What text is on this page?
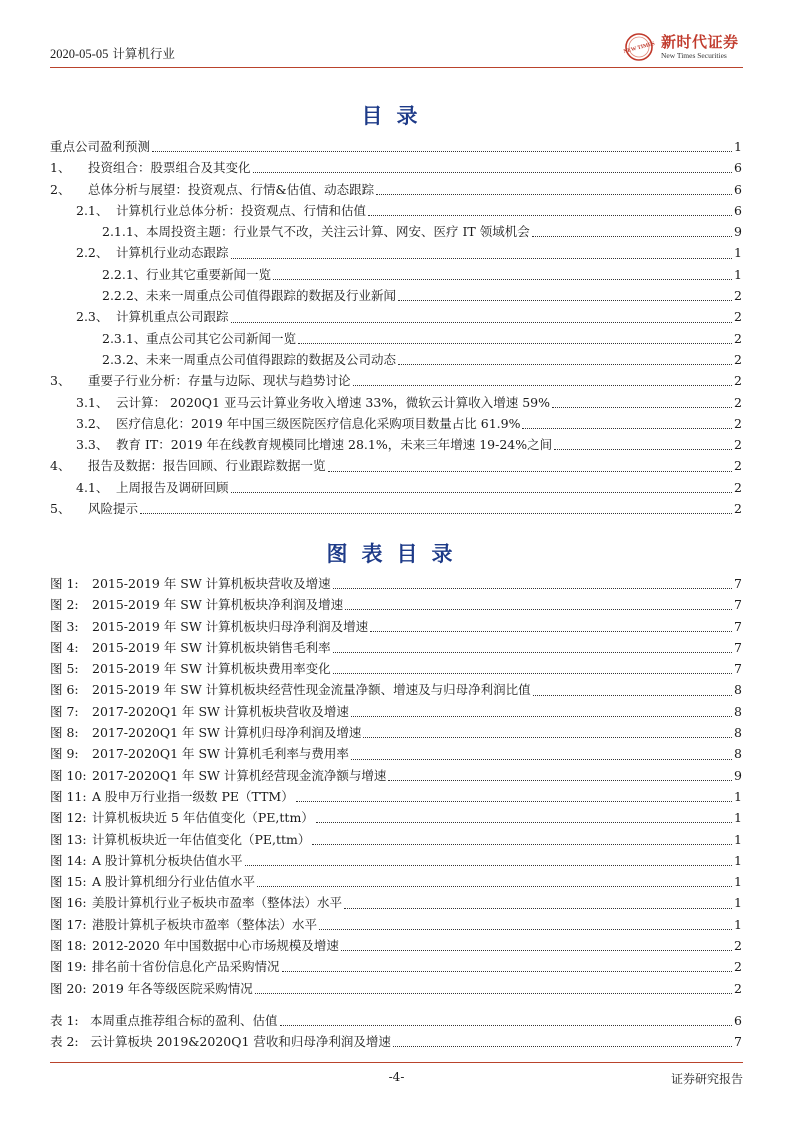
2020-05-05 计算机行业	NEW TIMES 新时代证券
New Times Securities
目录
重点公司盈利预测	1
1、	投资组合：股票组合及其变化	6
2、	总体分析与展望：投资观点、行情&估值、动态跟踪	6
2.1、 计算机行业总体分析：投资观点、行情和估值	6
2.1.1、 本周投资主题：行业景气不改，关注云计算、网安、医疗 IT 领域机会	9
2.2、 计算机行业动态跟踪	1
2.2.1、 行业其它重要新闻一览	1
2.2.2、 未来一周重点公司值得跟踪的数据及行业新闻	2
2.3、 计算机重点公司跟踪	2
2.3.1、 重点公司其它公司新闻一览	2
2.3.2、 未来一周重点公司值得跟踪的数据及公司动态	2
3、	重要子行业分析：存量与边际、现状与趋势讨论	2
3.1、 云计算： 2020Q1 亚马云计算业务收入增速 33%，微软云计算收入增速 59%	2
3.2、 医疗信息化：2019 年中国三级医院医疗信息化采购项目数量占比 61.9%	2
3.3、 教育 IT：2019 年在线教育规模同比增速 28.1%，未来三年增速 19-24%之间	2
4、	报告及数据：报告回顾、行业跟踪数据一览	2
4.1、 上周报告及调研回顾	2
5、	风险提示	2
图表目录
图 1:	2015-2019 年 SW 计算机板块营收及增速	7
图 2:	2015-2019 年 SW 计算机板块净利润及增速	7
图 3:	2015-2019 年 SW 计算机板块归母净利润及增速	7
图 4:	2015-2019 年 SW 计算机板块销售毛利率	7
图 5:	2015-2019 年 SW 计算机板块费用率变化	7
图 6:	2015-2019 年 SW 计算机板块经营性现金流量净额、增速及与归母净利润比值	8
图 7:	2017-2020Q1 年 SW 计算机板块营收及增速	8
图 8:	2017-2020Q1 年 SW 计算机归母净利润及增速	8
图 9:	2017-2020Q1 年 SW 计算机毛利率与费用率	8
图 10: 2017-2020Q1 年 SW 计算机经营现金流净额与增速	9
图 11: A 股申万行业指一级数 PE（TTM）	1
图 12: 计算机板块近 5 年估值变化（PE,ttm）	1
图 13: 计算机板块近一年估值变化（PE,ttm）	1
图 14: A 股计算机分板块估值水平	1
图 15: A 股计算机细分行业估值水平	1
图 16: 美股计算机行业子板块市盈率（整体法）水平	1
图 17: 港股计算机子板块市盈率（整体法）水平	1
图 18: 2012-2020 年中国数据中心市场规模及增速	2
图 19: 排名前十省份信息化产品采购情况	2
图 20: 2019 年各等级医院采购情况	2
表 1: 本周重点推荐组合标的盈利、估值	6
表 2: 云计算板块 2019&2020Q1 营收和归母净利润及增速	7
-4-	证券研究报告
